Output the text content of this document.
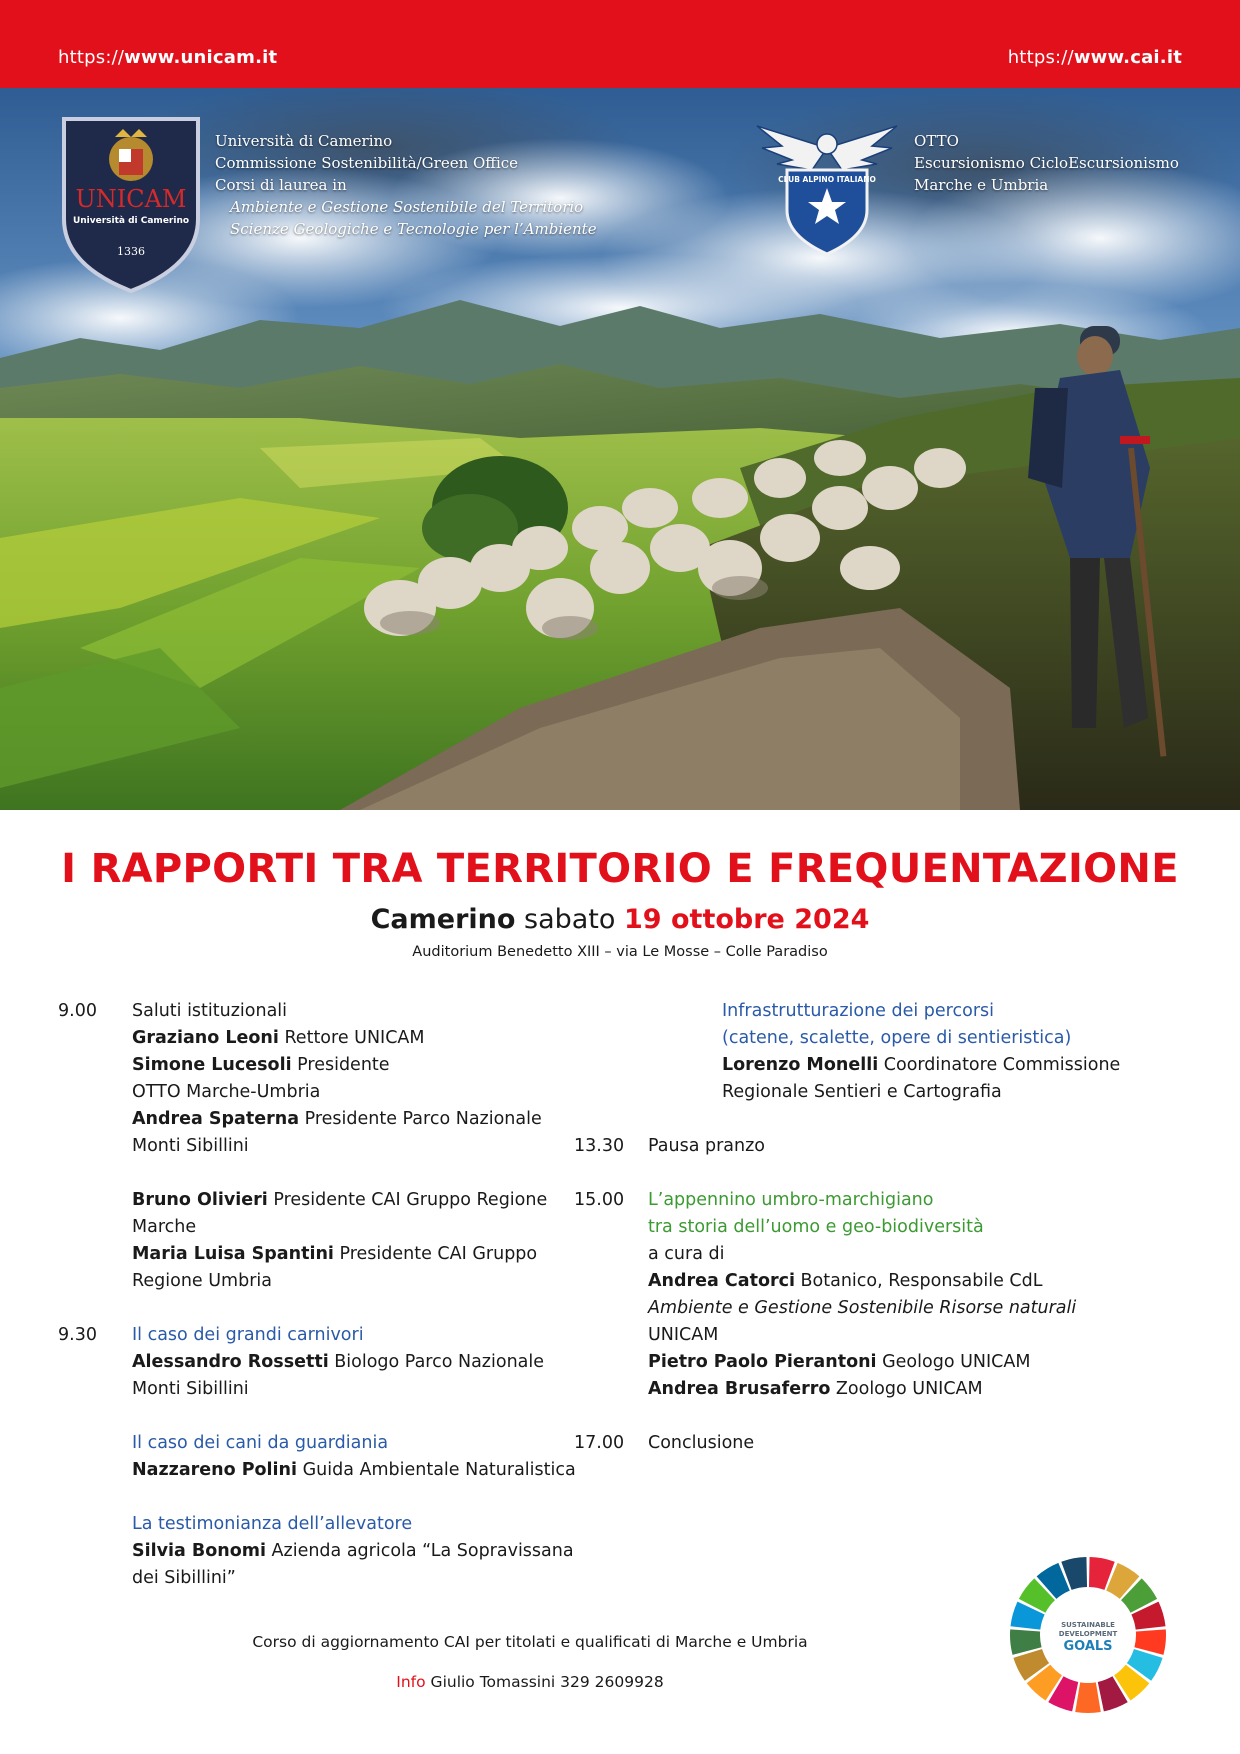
https://www.unicam.it	https://www.cai.it
UNICAM
Università di Camerino
1336
Università di Camerino
Commissione Sostenibilità/Green Office
Corsi di laurea in
Ambiente e Gestione Sostenibile del Territorio
Scienze Geologiche e Tecnologie per l’Ambiente
CLUB ALPINO ITALIANO
OTTO
Escursionismo CicloEscursionismo
Marche e Umbria
I RAPPORTI TRA TERRITORIO E FREQUENTAZIONE
Camerino sabato 19 ottobre 2024
Auditorium Benedetto XIII – via Le Mosse – Colle Paradiso
9.00	Saluti istituzionali
Graziano Leoni Rettore UNICAM
Simone Lucesoli Presidente
OTTO Marche-Umbria
Andrea Spaterna Presidente Parco Nazionale
Monti Sibillini
Bruno Olivieri Presidente CAI Gruppo Regione
Marche
Maria Luisa Spantini Presidente CAI Gruppo
Regione Umbria
9.30	Il caso dei grandi carnivori
Alessandro Rossetti Biologo Parco Nazionale
Monti Sibillini
Il caso dei cani da guardiania
Nazzareno Polini Guida Ambientale Naturalistica
La testimonianza dell’allevatore
Silvia Bonomi Azienda agricola “La Sopravissana
dei Sibillini”
Infrastrutturazione dei percorsi
(catene, scalette, opere di sentieristica)
Lorenzo Monelli Coordinatore Commissione
Regionale Sentieri e Cartografia
13.30	Pausa pranzo
15.00	L’appennino umbro-marchigiano
tra storia dell’uomo e geo-biodiversità
a cura di
Andrea Catorci Botanico, Responsabile CdL
Ambiente e Gestione Sostenibile Risorse naturali
UNICAM
Pietro Paolo Pierantoni Geologo UNICAM
Andrea Brusaferro Zoologo UNICAM
17.00	Conclusione
Corso di aggiornamento CAI per titolati e qualificati di Marche e Umbria
Info Giulio Tomassini 329 2609928
SUSTAINABLE
DEVELOPMENT
GOALS
